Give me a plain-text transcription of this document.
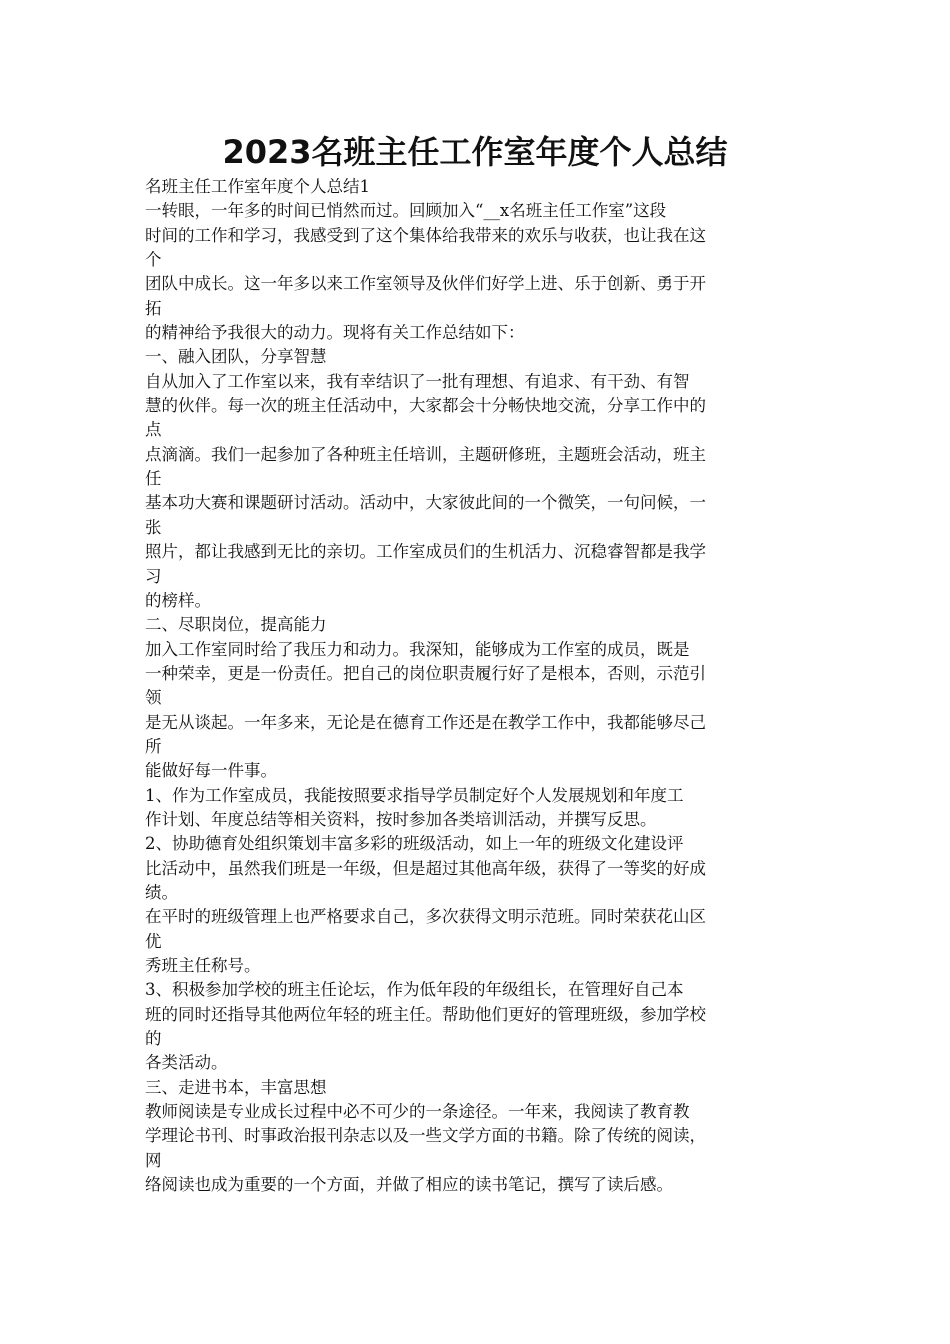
2023名班主任工作室年度个人总结

名班主任工作室年度个人总结1

一转眼，一年多的时间已悄然而过。回顾加入“__x名班主任工作室”这段

时间的工作和学习，我感受到了这个集体给我带来的欢乐与收获，也让我在这

个

团队中成长。这一年多以来工作室领导及伙伴们好学上进、乐于创新、勇于开

拓

的精神给予我很大的动力。现将有关工作总结如下：

一、融入团队，分享智慧

自从加入了工作室以来，我有幸结识了一批有理想、有追求、有干劲、有智

慧的伙伴。每一次的班主任活动中，大家都会十分畅快地交流，分享工作中的

点

点滴滴。我们一起参加了各种班主任培训，主题研修班，主题班会活动，班主

任

基本功大赛和课题研讨活动。活动中，大家彼此间的一个微笑，一句问候，一

张

照片，都让我感到无比的亲切。工作室成员们的生机活力、沉稳睿智都是我学

习

的榜样。

二、尽职岗位，提高能力

加入工作室同时给了我压力和动力。我深知，能够成为工作室的成员，既是

一种荣幸，更是一份责任。把自己的岗位职责履行好了是根本，否则，示范引

领

是无从谈起。一年多来，无论是在德育工作还是在教学工作中，我都能够尽己

所

能做好每一件事。

1、作为工作室成员，我能按照要求指导学员制定好个人发展规划和年度工

作计划、年度总结等相关资料，按时参加各类培训活动，并撰写反思。

2、协助德育处组织策划丰富多彩的班级活动，如上一年的班级文化建设评

比活动中，虽然我们班是一年级，但是超过其他高年级，获得了一等奖的好成

绩。

在平时的班级管理上也严格要求自己，多次获得文明示范班。同时荣获花山区

优

秀班主任称号。

3、积极参加学校的班主任论坛，作为低年段的年级组长，在管理好自己本

班的同时还指导其他两位年轻的班主任。帮助他们更好的管理班级，参加学校

的

各类活动。

三、走进书本，丰富思想

教师阅读是专业成长过程中必不可少的一条途径。一年来，我阅读了教育教

学理论书刊、时事政治报刊杂志以及一些文学方面的书籍。除了传统的阅读，

网

络阅读也成为重要的一个方面，并做了相应的读书笔记，撰写了读后感。
